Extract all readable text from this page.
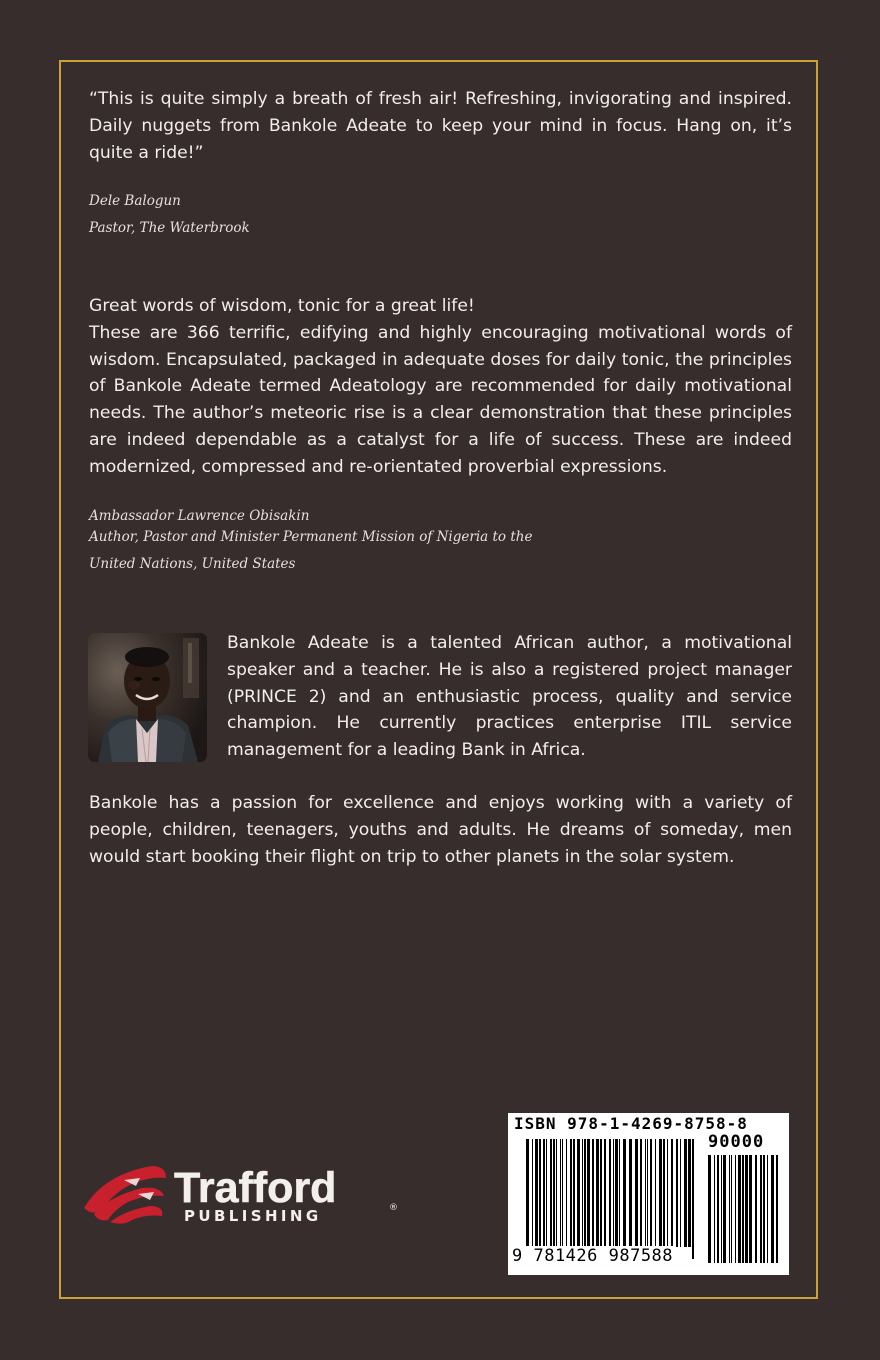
“This is quite simply a breath of fresh air! Refreshing, invigorating and inspired. Daily nuggets from Bankole Adeate to keep your mind in focus. Hang on, it’s quite a ride!”
Dele Balogun
Pastor, The Waterbrook

Great words of wisdom, tonic for a great life!

These are 366 terrific, edifying and highly encouraging motivational words of wisdom. Encapsulated, packaged in adequate doses for daily tonic, the principles of Bankole Adeate termed Adeatology are recommended for daily motivational needs. The author’s meteoric rise is a clear demonstration that these principles are indeed dependable as a catalyst for a life of success. These are indeed modernized, compressed and re-orientated proverbial expressions.

Ambassador Lawrence Obisakin
Author, Pastor and Minister Permanent Mission of Nigeria to the
United Nations, United States
Bankole Adeate is a talented African author, a motivational speaker and a teacher. He is also a registered project manager (PRINCE 2) and an enthusiastic process, quality and service champion. He currently practices enterprise ITIL service management for a leading Bank in Africa.
Bankole has a passion for excellence and enjoys working with a variety of people, children, teenagers, youths and adults. He dreams of someday, men would start booking their flight on trip to other planets in the solar system.
Trafford
PUBLISHING	®
ISBN 978-1-4269-8758-8
90000
9 781426 987588
